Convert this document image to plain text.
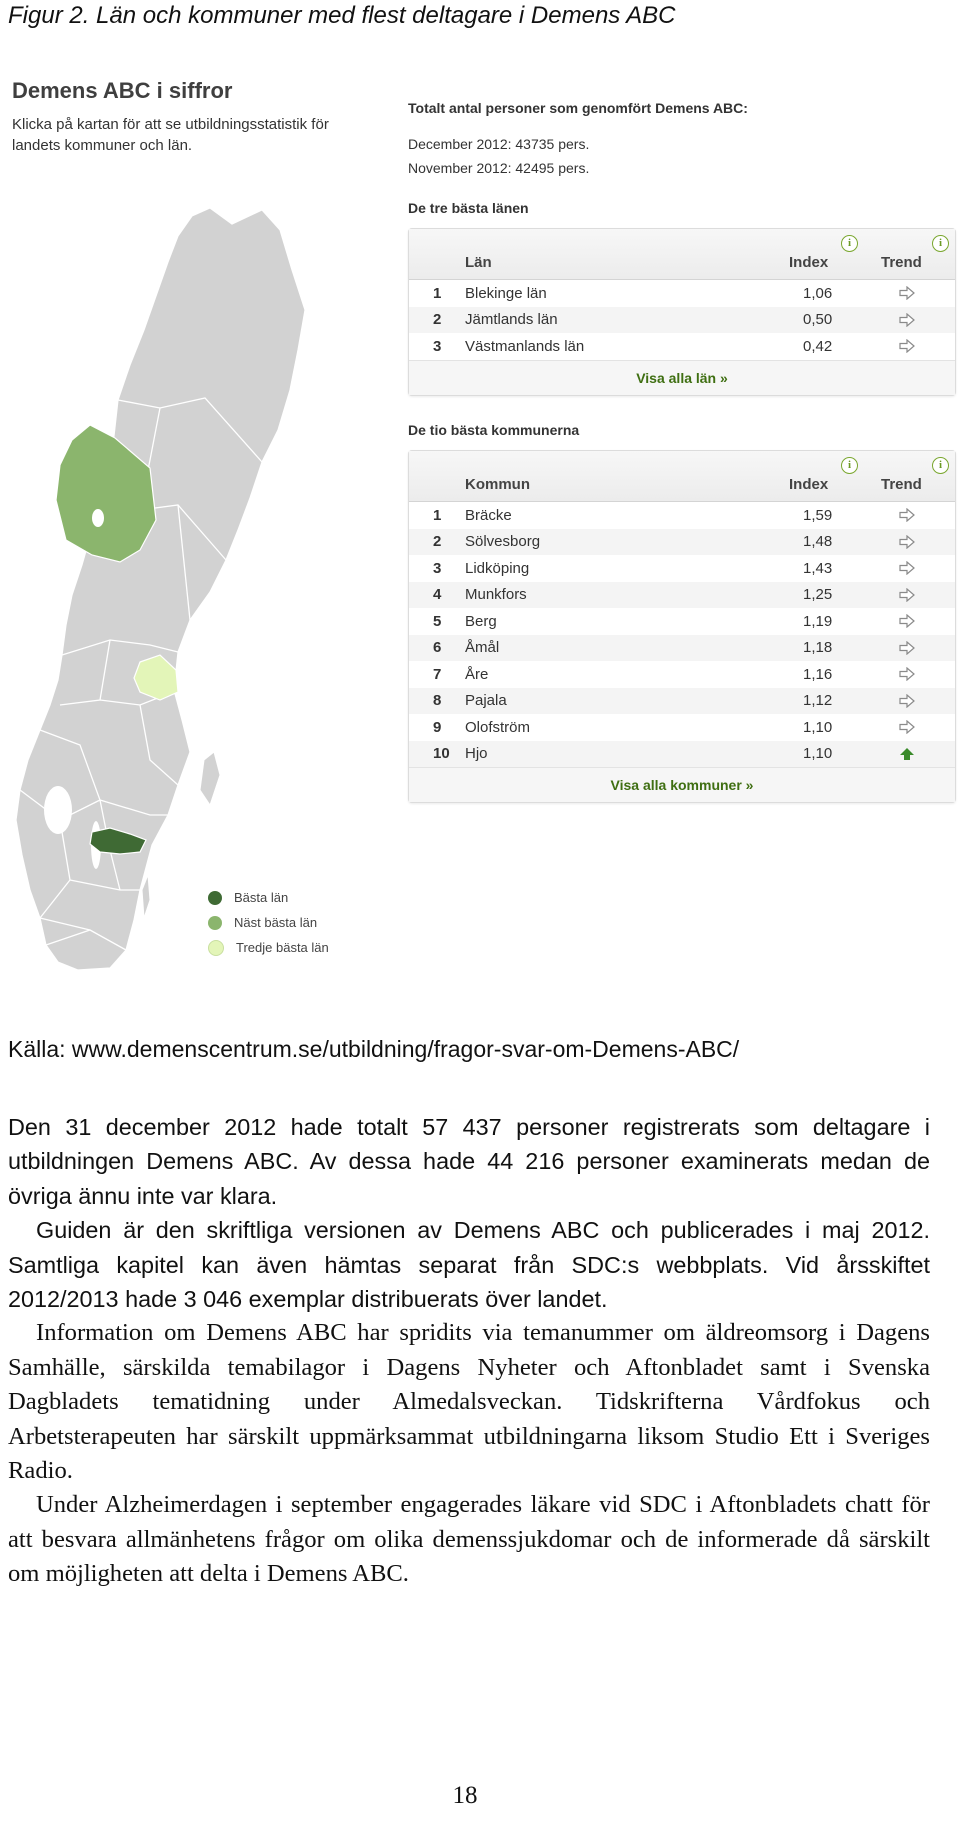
Figur 2. Län och kommuner med flest deltagare i Demens ABC
Demens ABC i siffror
Klicka på kartan för att se utbildningsstatistik för landets kommuner och län.
Bästa län
Näst bästa län
Tredje bästa län
Totalt antal personer som genomfört Demens ABC:
December 2012: 43735 pers.
November 2012: 42495 pers.
De tre bästa länen
i	i
Län	Index	Trend
1 Blekinge län	1,06
2 Jämtlands län	0,50
3 Västmanlands län	0,42
Visa alla län »
De tio bästa kommunerna
i	i
Kommun	Index	Trend
1 Bräcke	1,59
2 Sölvesborg	1,48
3 Lidköping	1,43
4 Munkfors	1,25
5 Berg	1,19
6 Åmål	1,18
7 Åre	1,16
8 Pajala	1,12
9 Olofström	1,10
10 Hjo	1,10
Visa alla kommuner »
Källa: www.demenscentrum.se/utbildning/fragor-svar-om-Demens-ABC/

Den 31 december 2012 hade totalt 57 437 personer registrerats som deltagare i utbildningen Demens ABC. Av dessa hade 44 216 personer examinerats medan de övriga ännu inte var klara.

Guiden är den skriftliga versionen av Demens ABC och publicerades i maj 2012. Samtliga kapitel kan även hämtas separat från SDC:s webbplats. Vid årsskiftet 2012/2013 hade 3 046 exemplar distribuerats över landet.

Information om Demens ABC har spridits via temanummer om äldreomsorg i Dagens Samhälle, särskilda temabilagor i Dagens Nyheter och Aftonbladet samt i Svenska Dagbladets tematidning under Almedalsveckan. Tidskrifterna Vårdfokus och Arbetsterapeuten har särskilt uppmärksammat utbildningarna liksom Studio Ett i Sveriges Radio.

Under Alzheimerdagen i september engagerades läkare vid SDC i Aftonbladets chatt för att besvara allmänhetens frågor om olika demenssjukdomar och de informerade då särskilt om möjligheten att delta i Demens ABC.

18
